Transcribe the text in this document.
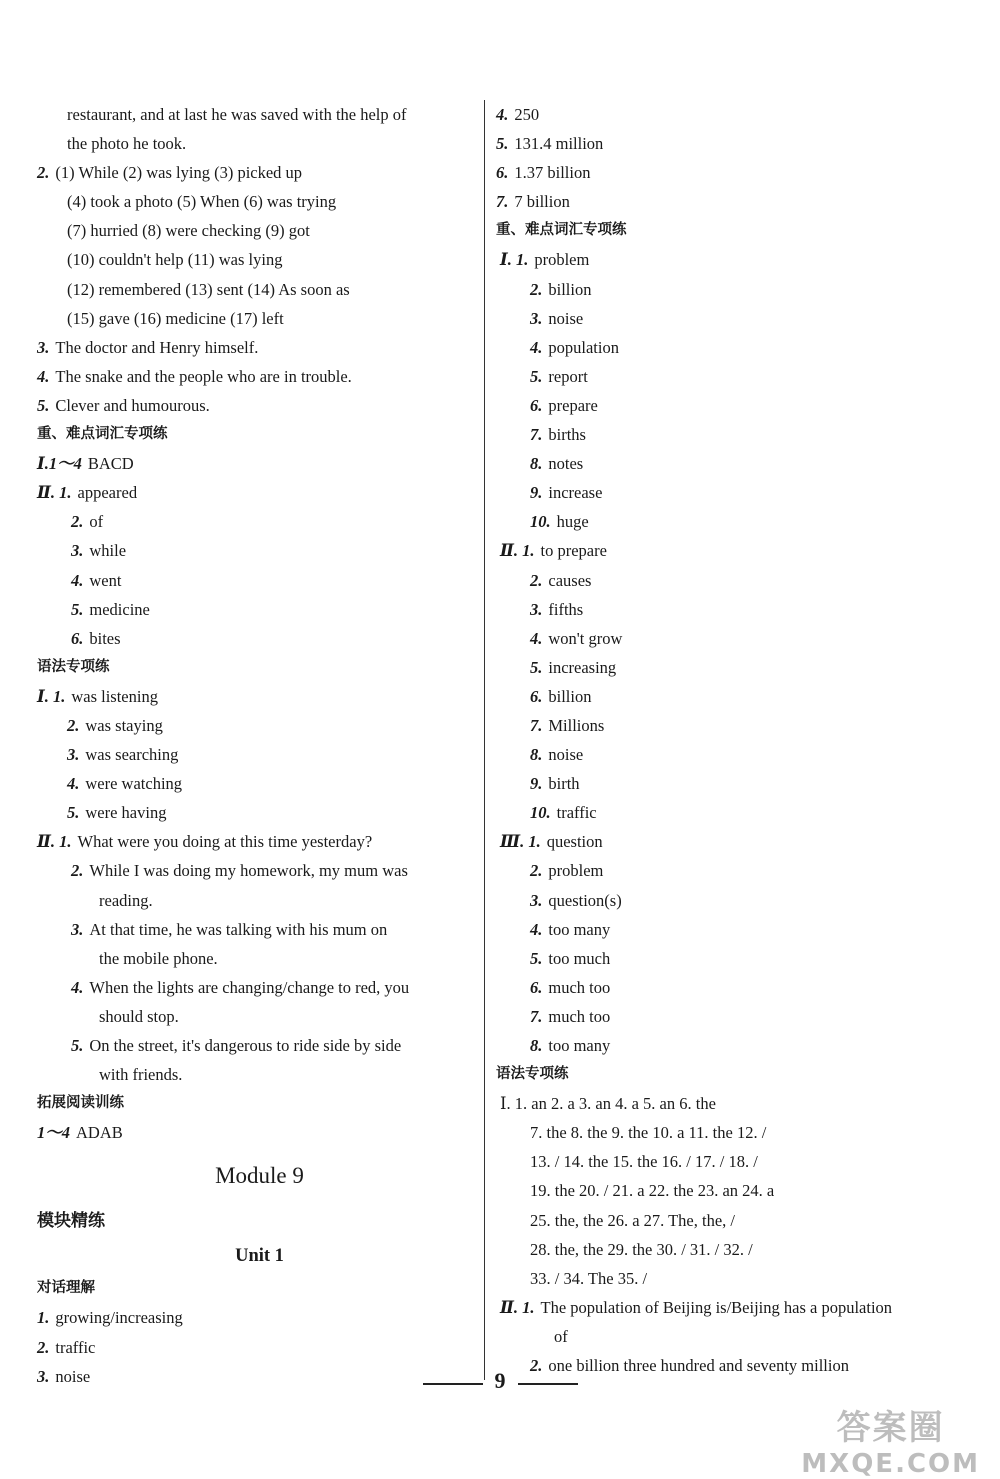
restaurant, and at last he was saved with the help of
the photo he took.
2. (1) While (2) was lying (3) picked up
(4) took a photo (5) When (6) was trying
(7) hurried (8) were checking (9) got
(10) couldn't help (11) was lying
(12) remembered (13) sent (14) As soon as
(15) gave (16) medicine (17) left
3. The doctor and Henry himself.
4. The snake and the people who are in trouble.
5. Clever and humourous.
重、难点词汇专项练
Ⅰ.1～4 BACD
Ⅱ. 1. appeared
2. of
3. while
4. went
5. medicine
6. bites
语法专项练
Ⅰ. 1. was listening
2. was staying
3. was searching
4. were watching
5. were having
Ⅱ. 1. What were you doing at this time yesterday?
2. While I was doing my homework, my mum was
reading.
3. At that time, he was talking with his mum on
the mobile phone.
4. When the lights are changing/change to red, you
should stop.
5. On the street, it's dangerous to ride side by side
with friends.
拓展阅读训练
1～4 ADAB
Module 9
模块精练
Unit 1
对话理解
1. growing/increasing
2. traffic
3. noise
4. 250
5. 131.4 million
6. 1.37 billion
7. 7 billion
重、难点词汇专项练
Ⅰ. 1. problem
2. billion
3. noise
4. population
5. report
6. prepare
7. births
8. notes
9. increase
10. huge
Ⅱ. 1. to prepare
2. causes
3. fifths
4. won't grow
5. increasing
6. billion
7. Millions
8. noise
9. birth
10. traffic
Ⅲ. 1. question
2. problem
3. question(s)
4. too many
5. too much
6. much too
7. much too
8. too many
语法专项练
Ⅰ. 1. an 2. a 3. an 4. a 5. an 6. the
7. the 8. the 9. the 10. a 11. the 12. /
13. / 14. the 15. the 16. / 17. / 18. /
19. the 20. / 21. a 22. the 23. an 24. a
25. the, the 26. a 27. The, the, /
28. the, the 29. the 30. / 31. / 32. /
33. / 34. The 35. /
Ⅱ. 1. The population of Beijing is/Beijing has a population
of
2. one billion three hundred and seventy million
9
答案圈
MXQE.COM
